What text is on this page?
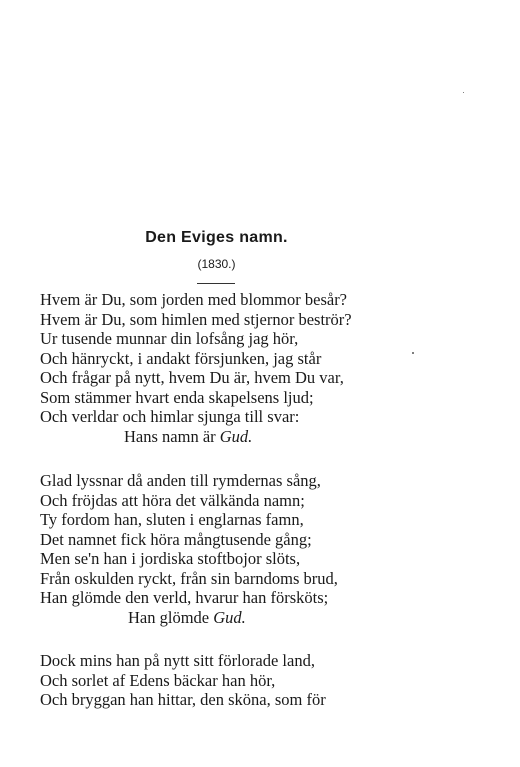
Den Eviges namn.
(1830.)
Hvem är Du, som jorden med blommor besår?
Hvem är Du, som himlen med stjernor beströr?
Ur tusende munnar din lofsång jag hör,
Och hänryckt, i andakt försjunken, jag står
Och frågar på nytt, hvem Du är, hvem Du var,
Som stämmer hvart enda skapelsens ljud;
Och verldar och himlar sjunga till svar:
Hans namn är Gud.
Glad lyssnar då anden till rymdernas sång,
Och fröjdas att höra det välkända namn;
Ty fordom han, sluten i englarnas famn,
Det namnet fick höra mångtusende gång;
Men se'n han i jordiska stoftbojor slöts,
Från oskulden ryckt, från sin barndoms brud,
Han glömde den verld, hvarur han försköts;
Han glömde Gud.
Dock mins han på nytt sitt förlorade land,
Och sorlet af Edens bäckar han hör,
Och bryggan han hittar, den sköna, som för
